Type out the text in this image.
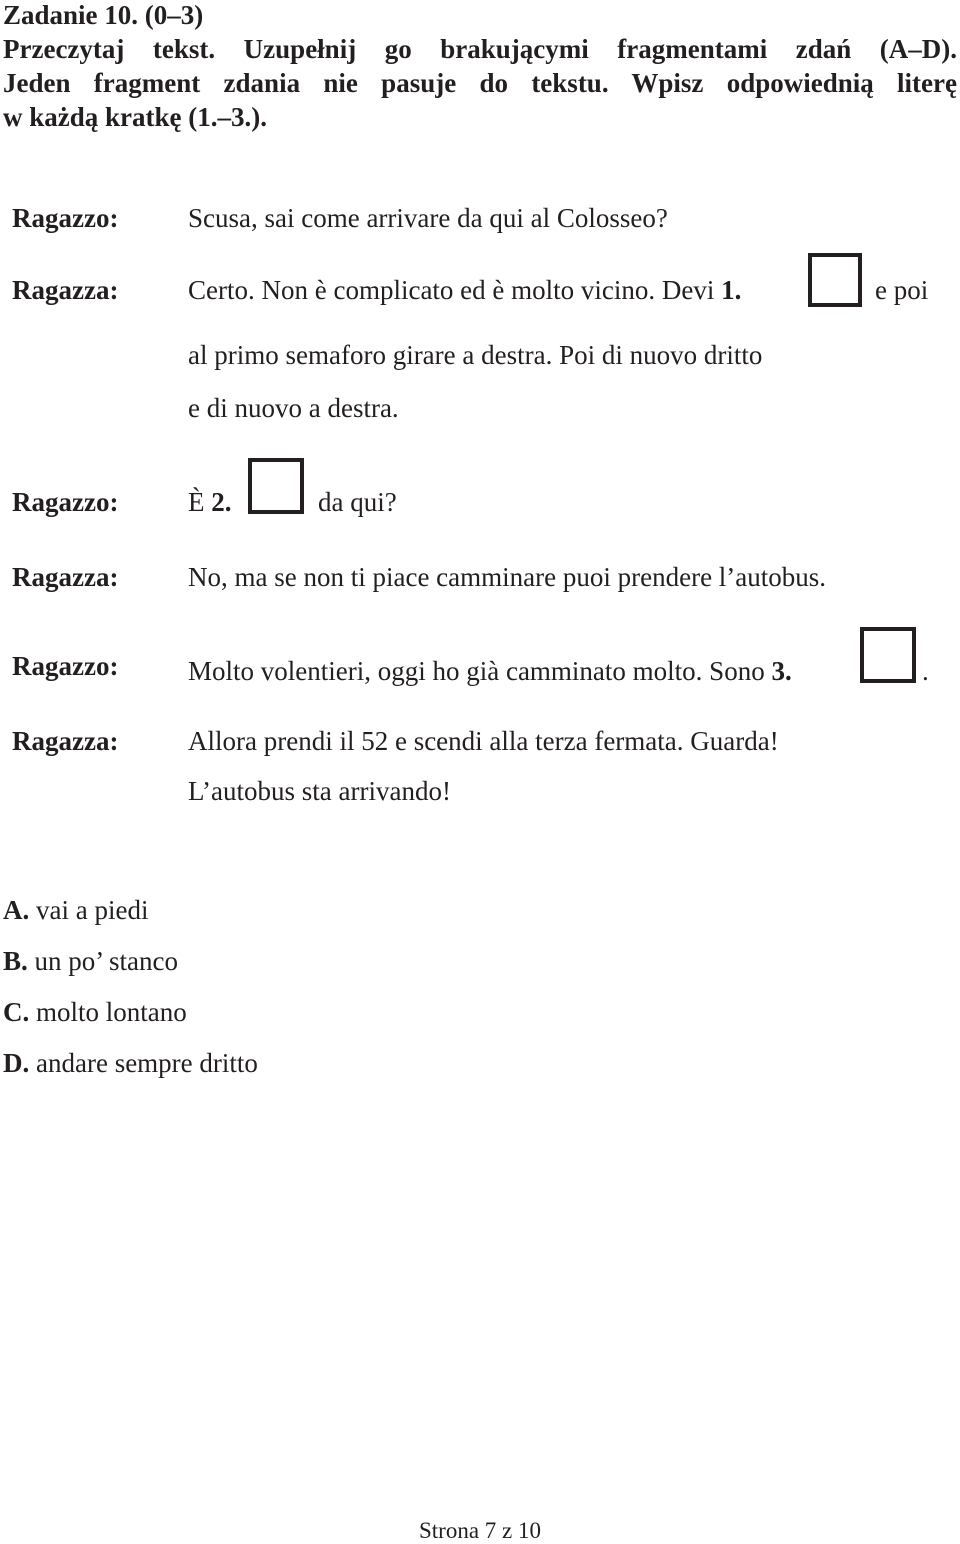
Zadanie 10. (0–3)
Przeczytaj tekst. Uzupełnij go brakującymi fragmentami zdań (A–D).
Jeden fragment zdania nie pasuje do tekstu. Wpisz odpowiednią literę
w każdą kratkę (1.–3.).
Ragazzo:	Scusa, sai come arrivare da qui al Colosseo?
Ragazza:	Certo. Non è complicato ed è molto vicino. Devi 1.	e poi
al primo semaforo girare a destra. Poi di nuovo dritto
e di nuovo a destra.
Ragazzo:	È 2.	da qui?
Ragazza:	No, ma se non ti piace camminare puoi prendere l’autobus.
Ragazzo:	Molto volentieri, oggi ho già camminato molto. Sono 3.	.
Ragazza:	Allora prendi il 52 e scendi alla terza fermata. Guarda!
L’autobus sta arrivando!
A. vai a piedi
B. un po’ stanco
C. molto lontano
D. andare sempre dritto
Strona 7 z 10
